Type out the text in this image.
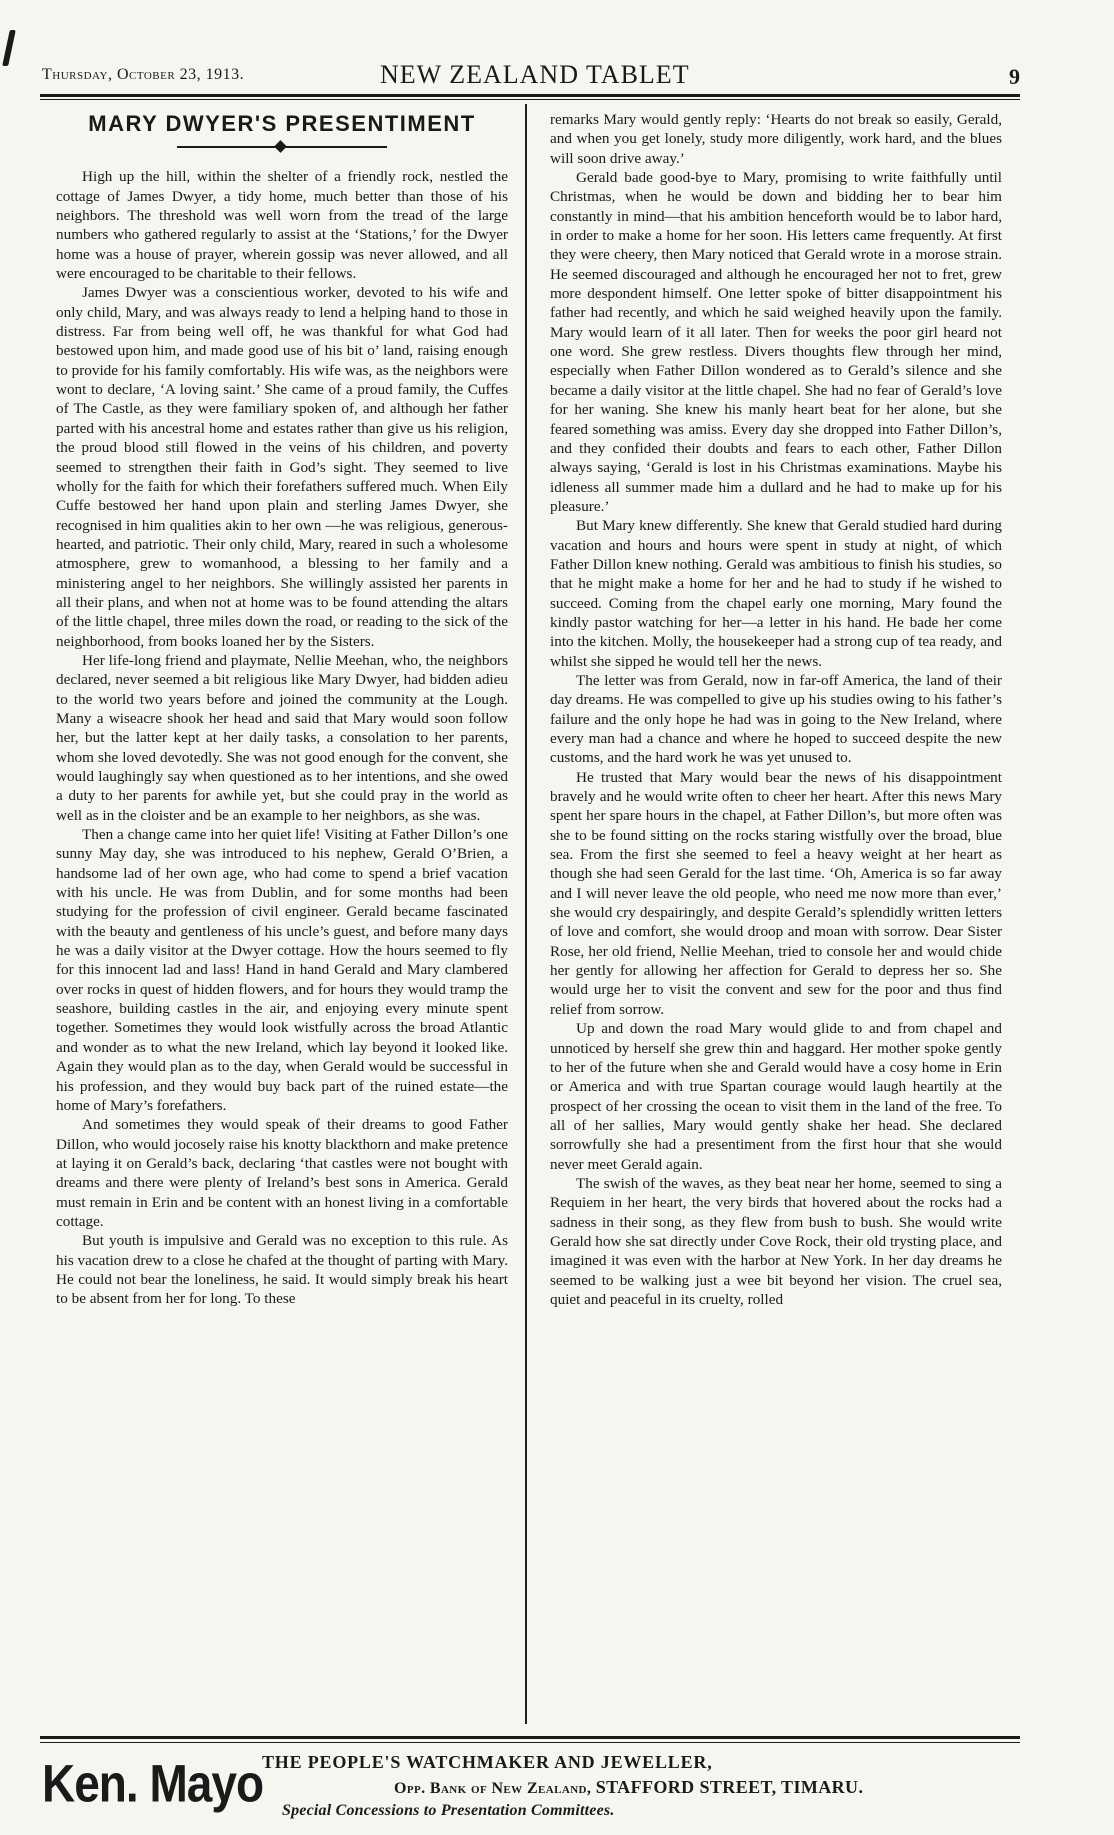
Thursday, October 23, 1913.	NEW ZEALAND TABLET	9
MARY DWYER'S PRESENTIMENT

High up the hill, within the shelter of a friendly rock, nestled the cottage of James Dwyer, a tidy home, much better than those of his neighbors. The threshold was well worn from the tread of the large numbers who gathered regularly to assist at the ‘Stations,’ for the Dwyer home was a house of prayer, wherein gossip was never allowed, and all were encouraged to be charitable to their fellows.

James Dwyer was a conscientious worker, devoted to his wife and only child, Mary, and was always ready to lend a helping hand to those in distress. Far from being well off, he was thankful for what God had bestowed upon him, and made good use of his bit o’ land, raising enough to provide for his family comfortably. His wife was, as the neighbors were wont to declare, ‘A loving saint.’ She came of a proud family, the Cuffes of The Castle, as they were familiary spoken of, and although her father parted with his ancestral home and estates rather than give us his religion, the proud blood still flowed in the veins of his children, and poverty seemed to strengthen their faith in God’s sight. They seemed to live wholly for the faith for which their forefathers suffered much. When Eily Cuffe bestowed her hand upon plain and sterling James Dwyer, she recognised in him qualities akin to her own —he was religious, generous-hearted, and patriotic. Their only child, Mary, reared in such a wholesome atmosphere, grew to womanhood, a blessing to her family and a ministering angel to her neighbors. She willingly assisted her parents in all their plans, and when not at home was to be found attending the altars of the little chapel, three miles down the road, or reading to the sick of the neighborhood, from books loaned her by the Sisters.

Her life-long friend and playmate, Nellie Meehan, who, the neighbors declared, never seemed a bit religious like Mary Dwyer, had bidden adieu to the world two years before and joined the community at the Lough. Many a wiseacre shook her head and said that Mary would soon follow her, but the latter kept at her daily tasks, a consolation to her parents, whom she loved devotedly. She was not good enough for the convent, she would laughingly say when questioned as to her intentions, and she owed a duty to her parents for awhile yet, but she could pray in the world as well as in the cloister and be an example to her neighbors, as she was.

Then a change came into her quiet life! Visiting at Father Dillon’s one sunny May day, she was introduced to his nephew, Gerald O’Brien, a handsome lad of her own age, who had come to spend a brief vacation with his uncle. He was from Dublin, and for some months had been studying for the profession of civil engineer. Gerald became fascinated with the beauty and gentleness of his uncle’s guest, and before many days he was a daily visitor at the Dwyer cottage. How the hours seemed to fly for this innocent lad and lass! Hand in hand Gerald and Mary clambered over rocks in quest of hidden flowers, and for hours they would tramp the seashore, building castles in the air, and enjoying every minute spent together. Sometimes they would look wistfully across the broad Atlantic and wonder as to what the new Ireland, which lay beyond it looked like. Again they would plan as to the day, when Gerald would be successful in his profession, and they would buy back part of the ruined estate—the home of Mary’s forefathers.

And sometimes they would speak of their dreams to good Father Dillon, who would jocosely raise his knotty blackthorn and make pretence at laying it on Gerald’s back, declaring ‘that castles were not bought with dreams and there were plenty of Ireland’s best sons in America. Gerald must remain in Erin and be content with an honest living in a comfortable cottage.

But youth is impulsive and Gerald was no exception to this rule. As his vacation drew to a close he chafed at the thought of parting with Mary. He could not bear the loneliness, he said. It would simply break his heart to be absent from her for long. To these

remarks Mary would gently reply: ‘Hearts do not break so easily, Gerald, and when you get lonely, study more diligently, work hard, and the blues will soon drive away.’

Gerald bade good-bye to Mary, promising to write faithfully until Christmas, when he would be down and bidding her to bear him constantly in mind—that his ambition henceforth would be to labor hard, in order to make a home for her soon. His letters came frequently. At first they were cheery, then Mary noticed that Gerald wrote in a morose strain. He seemed discouraged and although he encouraged her not to fret, grew more despondent himself. One letter spoke of bitter disappointment his father had recently, and which he said weighed heavily upon the family. Mary would learn of it all later. Then for weeks the poor girl heard not one word. She grew restless. Divers thoughts flew through her mind, especially when Father Dillon wondered as to Gerald’s silence and she became a daily visitor at the little chapel. She had no fear of Gerald’s love for her waning. She knew his manly heart beat for her alone, but she feared something was amiss. Every day she dropped into Father Dillon’s, and they confided their doubts and fears to each other, Father Dillon always saying, ‘Gerald is lost in his Christmas examinations. Maybe his idleness all summer made him a dullard and he had to make up for his pleasure.’

But Mary knew differently. She knew that Gerald studied hard during vacation and hours and hours were spent in study at night, of which Father Dillon knew nothing. Gerald was ambitious to finish his studies, so that he might make a home for her and he had to study if he wished to succeed. Coming from the chapel early one morning, Mary found the kindly pastor watching for her—a letter in his hand. He bade her come into the kitchen. Molly, the housekeeper had a strong cup of tea ready, and whilst she sipped he would tell her the news.

The letter was from Gerald, now in far-off America, the land of their day dreams. He was compelled to give up his studies owing to his father’s failure and the only hope he had was in going to the New Ireland, where every man had a chance and where he hoped to succeed despite the new customs, and the hard work he was yet unused to.

He trusted that Mary would bear the news of his disappointment bravely and he would write often to cheer her heart. After this news Mary spent her spare hours in the chapel, at Father Dillon’s, but more often was she to be found sitting on the rocks staring wistfully over the broad, blue sea. From the first she seemed to feel a heavy weight at her heart as though she had seen Gerald for the last time. ‘Oh, America is so far away and I will never leave the old people, who need me now more than ever,’ she would cry despairingly, and despite Gerald’s splendidly written letters of love and comfort, she would droop and moan with sorrow. Dear Sister Rose, her old friend, Nellie Meehan, tried to console her and would chide her gently for allowing her affection for Gerald to depress her so. She would urge her to visit the convent and sew for the poor and thus find relief from sorrow.

Up and down the road Mary would glide to and from chapel and unnoticed by herself she grew thin and haggard. Her mother spoke gently to her of the future when she and Gerald would have a cosy home in Erin or America and with true Spartan courage would laugh heartily at the prospect of her crossing the ocean to visit them in the land of the free. To all of her sallies, Mary would gently shake her head. She declared sorrowfully she had a presentiment from the first hour that she would never meet Gerald again.

The swish of the waves, as they beat near her home, seemed to sing a Requiem in her heart, the very birds that hovered about the rocks had a sadness in their song, as they flew from bush to bush. She would write Gerald how she sat directly under Cove Rock, their old trysting place, and imagined it was even with the harbor at New York. In her day dreams he seemed to be walking just a wee bit beyond her vision. The cruel sea, quiet and peaceful in its cruelty, rolled

Ken. Mayo
THE PEOPLE'S WATCHMAKER AND JEWELLER,
Opp. Bank of New Zealand, STAFFORD STREET, TIMARU.
Special Concessions to Presentation Committees.
